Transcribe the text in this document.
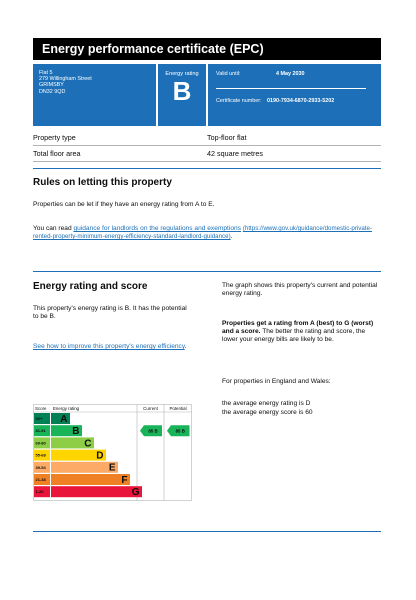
Energy performance certificate (EPC)
Flat 5
279 Willingham Street
GRIMSBY
DN32 9QD
Energy rating
B
Valid until:	4 May 2030
Certificate number: 0190-7934-6870-2933-5202
Property type	Top-floor flat
Total floor area	42 square metres
Rules on letting this property
Properties can be let if they have an energy rating from A to E.
You can read guidance for landlords on the regulations and exemptions (https://www.gov.uk/guidance/domestic-private-rented-property-minimum-energy-efficiency-standard-landlord-guidance).
Energy rating and score
This property's energy rating is B. It has the potential to be B.
See how to improve this property's energy efficiency.
The graph shows this property's current and potential energy rating.
Properties get a rating from A (best) to G (worst) and a score. The better the rating and score, the lower your energy bills are likely to be.
For properties in England and Wales:
the average energy rating is D
the average energy score is 60
Score Energy rating	Current	Potential
92+ A
81-91	B
69-80	C
55-68	D
39-54	E
21-38	F
1-20	G
85 B	85 B
